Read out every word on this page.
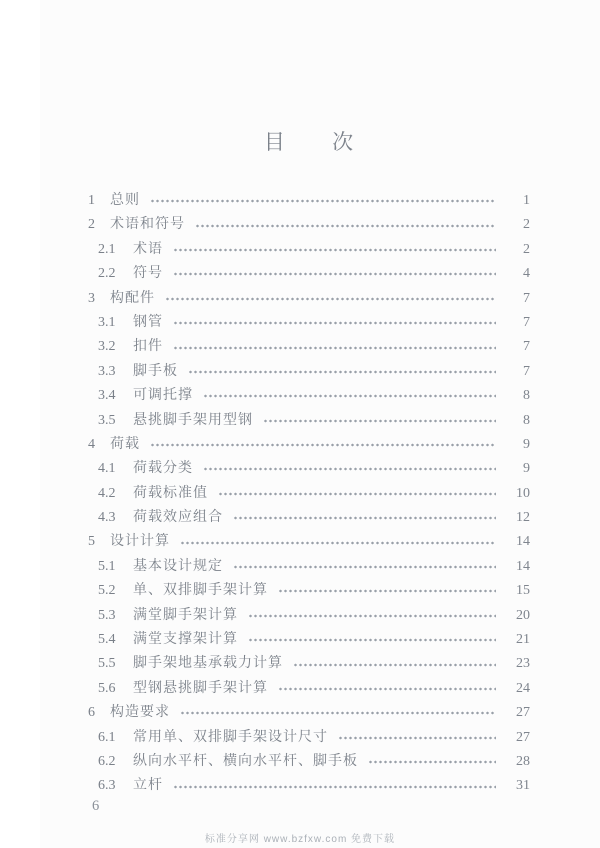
目 次
1	总则	1
2	术语和符号	2
2.1	术语	2
2.2	符号	4
3	构配件	7
3.1	钢管	7
3.2	扣件	7
3.3	脚手板	7
3.4	可调托撑	8
3.5	悬挑脚手架用型钢	8
4	荷载	9
4.1	荷载分类	9
4.2	荷载标准值	10
4.3	荷载效应组合	12
5	设计计算	14
5.1	基本设计规定	14
5.2	单、双排脚手架计算	15
5.3	满堂脚手架计算	20
5.4	满堂支撑架计算	21
5.5	脚手架地基承载力计算	23
5.6	型钢悬挑脚手架计算	24
6	构造要求	27
6.1	常用单、双排脚手架设计尺寸	27
6.2	纵向水平杆、横向水平杆、脚手板	28
6.3	立杆	31
6
标准分享网 www.bzfxw.com 免费下载
